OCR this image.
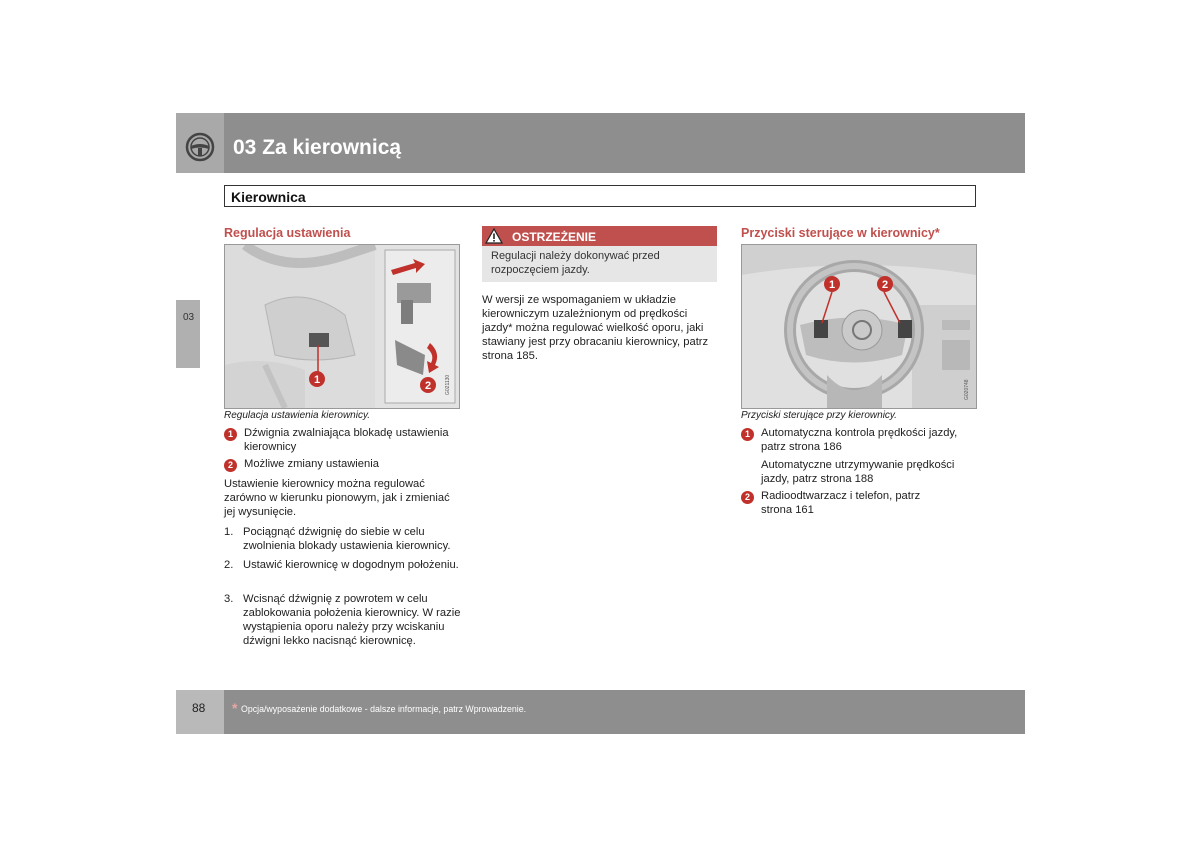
03 Za kierownicą
Kierownica
03
Regulacja ustawienia
1	2	G021130
Regulacja ustawienia kierownicy.
1 Dźwignia zwalniająca blokadę ustawienia kierownicy
2 Możliwe zmiany ustawienia
Ustawienie kierownicy można regulować zarówno w kierunku pionowym, jak i zmieniać jej wysunięcie.
1. Pociągnąć dźwignię do siebie w celu zwolnienia blokady ustawienia kierownicy.
2. Ustawić kierownicę w dogodnym położeniu.
3. Wcisnąć dźwignię z powrotem w celu zablokowania położenia kierownicy. W razie wystąpienia oporu należy przy wciskaniu dźwigni lekko nacisnąć kierownicę.
OSTRZEŻENIE
Regulacji należy dokonywać przed rozpoczęciem jazdy.
W wersji ze wspomaganiem w układzie kierowniczym uzależnionym od prędkości jazdy* można regulować wielkość oporu, jaki stawiany jest przy obracaniu kierownicy, patrz strona 185.
Przyciski sterujące w kierownicy*
1	2
G020748
Przyciski sterujące przy kierownicy.
1 Automatyczna kontrola prędkości jazdy, patrz strona 186
Automatyczne utrzymywanie prędkości jazdy, patrz strona 188
2 Radioodtwarzacz i telefon, patrz strona 161
88 * Opcja/wyposażenie dodatkowe - dalsze informacje, patrz Wprowadzenie.
